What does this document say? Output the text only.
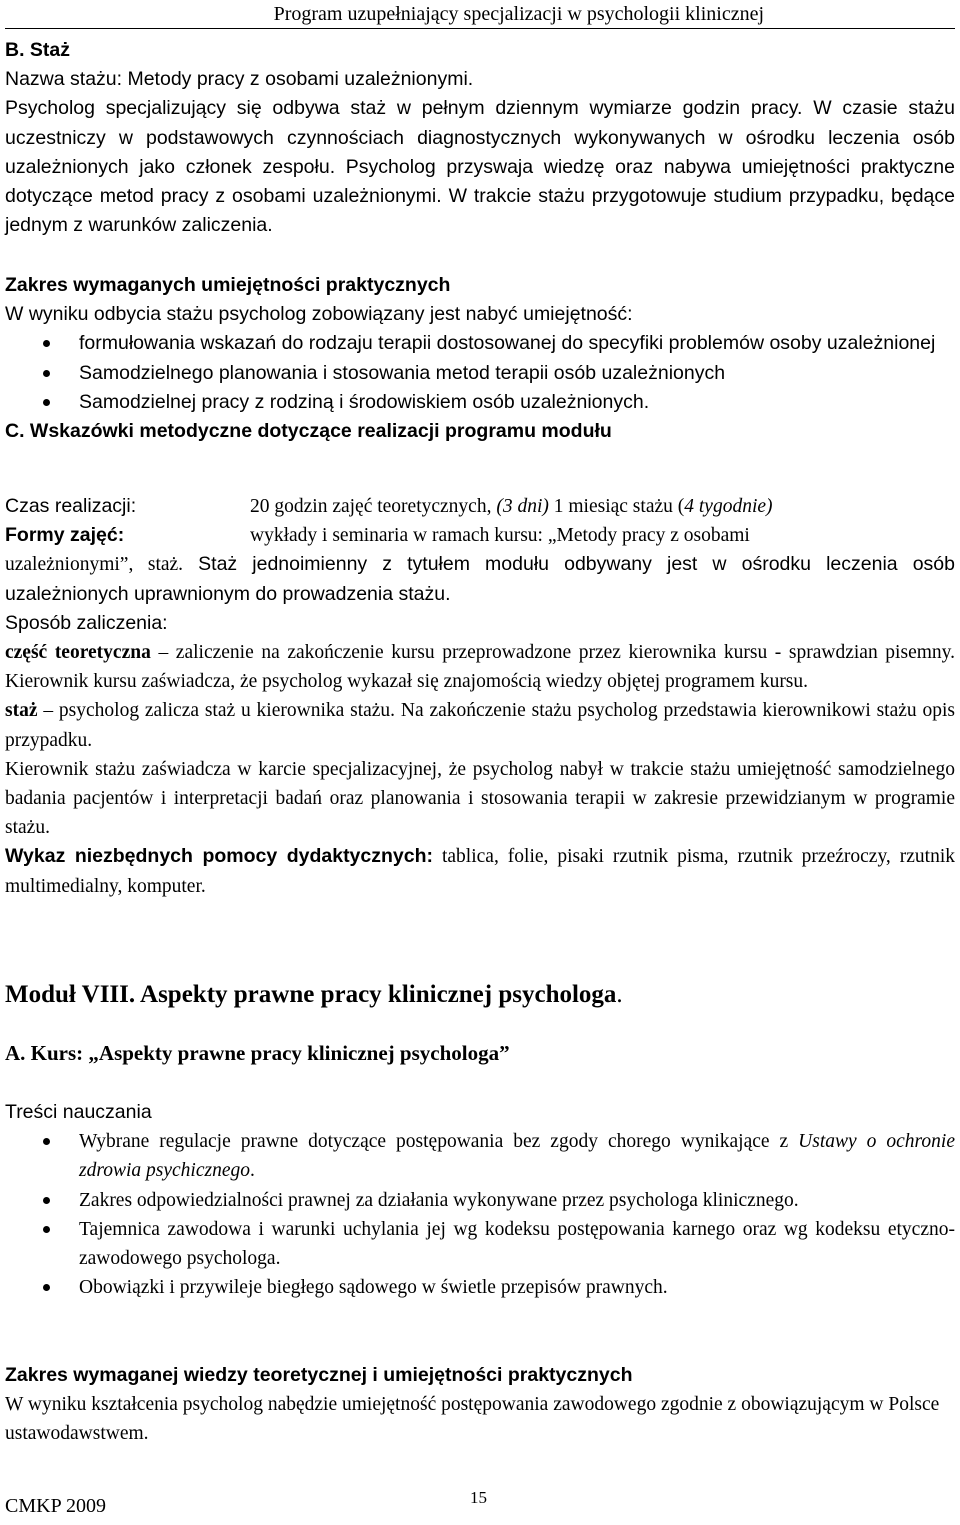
Program uzupełniający specjalizacji w psychologii klinicznej

B. Staż

Nazwa stażu: Metody pracy z osobami uzależnionymi.

Psycholog specjalizujący się odbywa staż w pełnym dziennym wymiarze godzin pracy. W czasie stażu uczestniczy w podstawowych czynnościach diagnostycznych wykonywanych w ośrodku leczenia osób uzależnionych jako członek zespołu. Psycholog przyswaja wiedzę oraz nabywa umiejętności praktyczne dotyczące metod pracy z osobami uzależnionymi. W trakcie stażu przygotowuje studium przypadku, będące jednym z warunków zaliczenia.

Zakres wymaganych umiejętności praktycznych

W wyniku odbycia stażu psycholog zobowiązany jest nabyć umiejętność:

formułowania wskazań do rodzaju terapii dostosowanej do specyfiki problemów osoby uzależnionej
Samodzielnego planowania i stosowania metod terapii osób uzależnionych
Samodzielnej pracy z rodziną i środowiskiem osób uzależnionych.

C. Wskazówki metodyczne dotyczące realizacji programu modułu

Czas realizacji:	20 godzin zajęć teoretycznych, (3 dni) 1 miesiąc stażu (4 tygodnie)
Formy zajęć:	wykłady i seminaria w ramach kursu: „Metody pracy z osobami

uzależnionymi”, staż. Staż jednoimienny z tytułem modułu odbywany jest w ośrodku leczenia osób uzależnionych uprawnionym do prowadzenia stażu.

Sposób zaliczenia:

część teoretyczna – zaliczenie na zakończenie kursu przeprowadzone przez kierownika kursu - sprawdzian pisemny. Kierownik kursu zaświadcza, że psycholog wykazał się znajomością wiedzy objętej programem kursu.

staż – psycholog zalicza staż u kierownika stażu. Na zakończenie stażu psycholog przedstawia kierownikowi stażu opis przypadku.

Kierownik stażu zaświadcza w karcie specjalizacyjnej, że psycholog nabył w trakcie stażu umiejętność samodzielnego badania pacjentów i interpretacji badań oraz planowania i stosowania terapii w zakresie przewidzianym w programie stażu.

Wykaz niezbędnych pomocy dydaktycznych: tablica, folie, pisaki rzutnik pisma, rzutnik przeźroczy, rzutnik multimedialny, komputer.

Moduł VIII. Aspekty prawne pracy klinicznej psychologa.

A. Kurs: „Aspekty prawne pracy klinicznej psychologa”

Treści nauczania

Wybrane regulacje prawne dotyczące postępowania bez zgody chorego wynikające z Ustawy o ochronie zdrowia psychicznego.
Zakres odpowiedzialności prawnej za działania wykonywane przez psychologa klinicznego.
Tajemnica zawodowa i warunki uchylania jej wg kodeksu postępowania karnego oraz wg kodeksu etyczno-zawodowego psychologa.
Obowiązki i przywileje biegłego sądowego w świetle przepisów prawnych.

Zakres wymaganej wiedzy teoretycznej i umiejętności praktycznych

W wyniku kształcenia psycholog nabędzie umiejętność postępowania zawodowego zgodnie z obowiązującym w Polsce ustawodawstwem.

CMKP 2009	15
